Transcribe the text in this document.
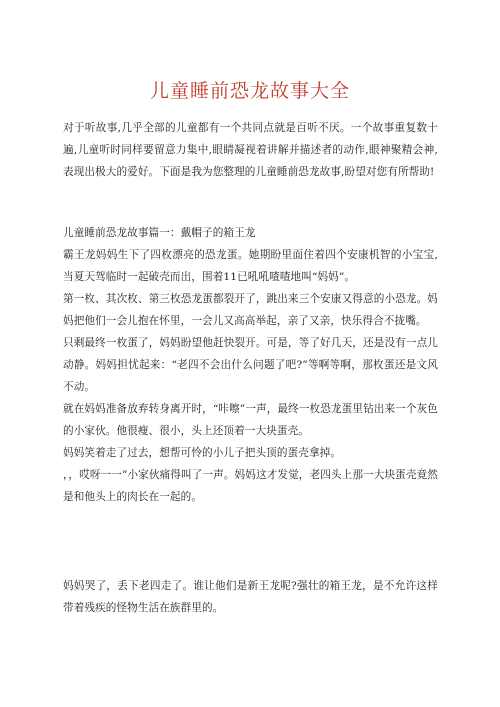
儿童睡前恐龙故事大全

对于听故事,几乎全部的儿童都有一个共同点就是百听不厌。一个故事重复数十遍,儿童听时同样要留意力集中,眼睛凝视着讲解并描述者的动作,眼神聚精会神,表现出极大的爱好。下面是我为您整理的儿童睡前恐龙故事,盼望对您有所帮助!

儿童睡前恐龙故事篇一：戴帽子的箱王龙

霸王龙妈妈生下了四枚漂亮的恐龙蛋。她期盼里面住着四个安康机智的小宝宝,当夏天驾临时一起破壳而出，围着11已吼吼喳喳地叫“妈妈”。

第一枚、其次枚、第三枚恐龙蛋都裂开了，跳出来三个安康又得意的小恐龙。妈妈把他们一会儿抱在怀里，一会儿又高高举起，亲了又亲，快乐得合不拢嘴。

只剩最终一枚蛋了，妈妈盼望他赶快裂开。可是，等了好几天，还是没有一点儿动静。妈妈担忧起来：“老四不会出什么问题了吧?”等啊等啊，那枚蛋还是文风不动。

就在妈妈准备放弃转身离开时，“咔嚓”一声，最终一枚恐龙蛋里钻出来一个灰色的小家伙。他很瘦、很小，头上还顶着一大块蛋壳。

妈妈笑着走了过去，想帮可怜的小儿子把头顶的蛋壳拿掉。

，，哎呀一一”小家伙痛得叫了一声。妈妈这才发觉，老四头上那一大块蛋壳竟然是和他头上的肉长在一起的。

妈妈哭了，丢下老四走了。谁让他们是新王龙呢?强壮的箱王龙，是不允许这样带着残疾的怪物生活在族群里的。
